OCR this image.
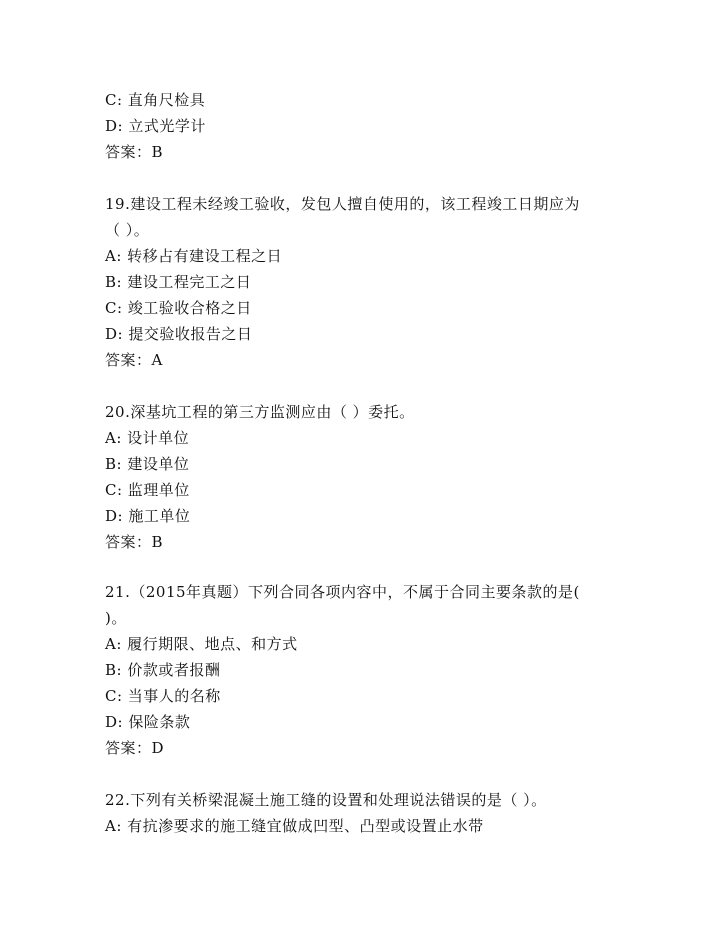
C: 直角尺检具
D: 立式光学计
答案：B
19.建设工程未经竣工验收，发包人擅自使用的，该工程竣工日期应为
（ ）。
A: 转移占有建设工程之日
B: 建设工程完工之日
C: 竣工验收合格之日
D: 提交验收报告之日
答案：A
20.深基坑工程的第三方监测应由（ ）委托。
A: 设计单位
B: 建设单位
C: 监理单位
D: 施工单位
答案：B
21.（2015年真题）下列合同各项内容中，不属于合同主要条款的是(
)。
A: 履行期限、地点、和方式
B: 价款或者报酬
C: 当事人的名称
D: 保险条款
答案：D
22.下列有关桥梁混凝土施工缝的设置和处理说法错误的是（ ）。
A: 有抗渗要求的施工缝宜做成凹型、凸型或设置止水带
